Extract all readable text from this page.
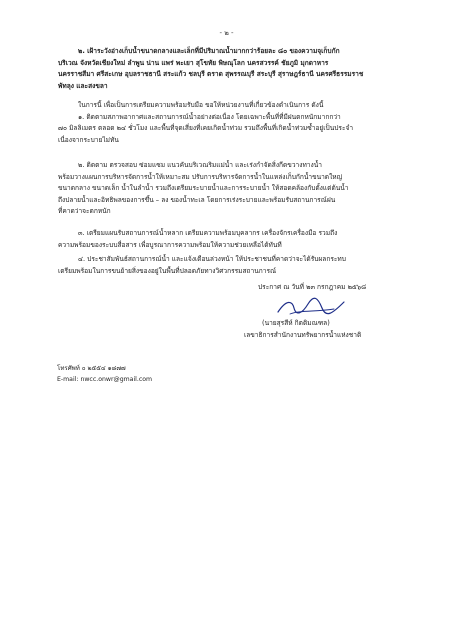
- ๒ -
๒. เฝ้าระวังอ่างเก็บน้ำขนาดกลางและเล็กที่มีปริมาณน้ำมากกว่าร้อยละ ๘๐ ของความจุเก็บกัก
บริเวณ จังหวัดเชียงใหม่ ลำพูน น่าน แพร่ พะเยา สุโขทัย พิษณุโลก นครสวรรค์ ชัยภูมิ มุกดาหาร
นครราชสีมา ศรีสะเกษ อุบลราชธานี สระแก้ว ชลบุรี ตราด สุพรรณบุรี สระบุรี สุราษฎร์ธานี นครศรีธรรมราช
พัทลุง และสงขลา
ในการนี้ เพื่อเป็นการเตรียมความพร้อมรับมือ ขอให้หน่วยงานที่เกี่ยวข้องดำเนินการ ดังนี้
๑. ติดตามสภาพอากาศและสถานการณ์น้ำอย่างต่อเนื่อง โดยเฉพาะพื้นที่ที่มีฝนตกหนักมากกว่า
๗๐ มิลลิเมตร ตลอด ๒๔ ชั่วโมง และพื้นที่จุดเสี่ยงที่เคยเกิดน้ำท่วม รวมถึงพื้นที่เกิดน้ำท่วมซ้ำอยู่เป็นประจำ
เนื่องจากระบายไม่ทัน
๒. ติดตาม ตรวจสอบ ซ่อมแซม แนวคันบริเวณริมแม่น้ำ และเร่งกำจัดสิ่งกีดขวางทางน้ำ
พร้อมวางแผนการบริหารจัดการน้ำให้เหมาะสม ปรับการบริหารจัดการน้ำในแหล่งเก็บกักน้ำขนาดใหญ่
ขนาดกลาง ขนาดเล็ก น้ำในลำน้ำ รวมถึงเตรียมระบายน้ำและการระบายน้ำ ให้สอดคล้องกับตั้งแต่ต้นน้ำ
ถึงปลายน้ำและอิทธิพลของการขึ้น – ลง ของน้ำทะเล โดยการเร่งระบายและพร้อมรับสถานการณ์ฝน
ที่คาดว่าจะตกหนัก
๓. เตรียมแผนรับสถานการณ์น้ำหลาก เตรียมความพร้อมบุคลากร เครื่องจักรเครื่องมือ รวมถึง
ความพร้อมของระบบสื่อสาร เพื่อบูรณาการความพร้อมให้ความช่วยเหลือได้ทันที
๔. ประชาสัมพันธ์สถานการณ์น้ำ และแจ้งเตือนล่วงหน้า ให้ประชาชนที่คาดว่าจะได้รับผลกระทบ
เตรียมพร้อมในการขนย้ายสิ่งของอยู่ในพื้นที่ปลอดภัยทางวิศวกรรมสถานการณ์
ประกาศ ณ วันที่ ๒๓ กรกฎาคม ๒๕๖๘
(นายสุรสีห์ กิตติมณฑล)
เลขาธิการสำนักงานทรัพยากรน้ำแห่งชาติ
โทรศัพท์ ๐ ๒๕๕๔ ๑๘๗๗
E-mail: nwcc.onwr@gmail.com
